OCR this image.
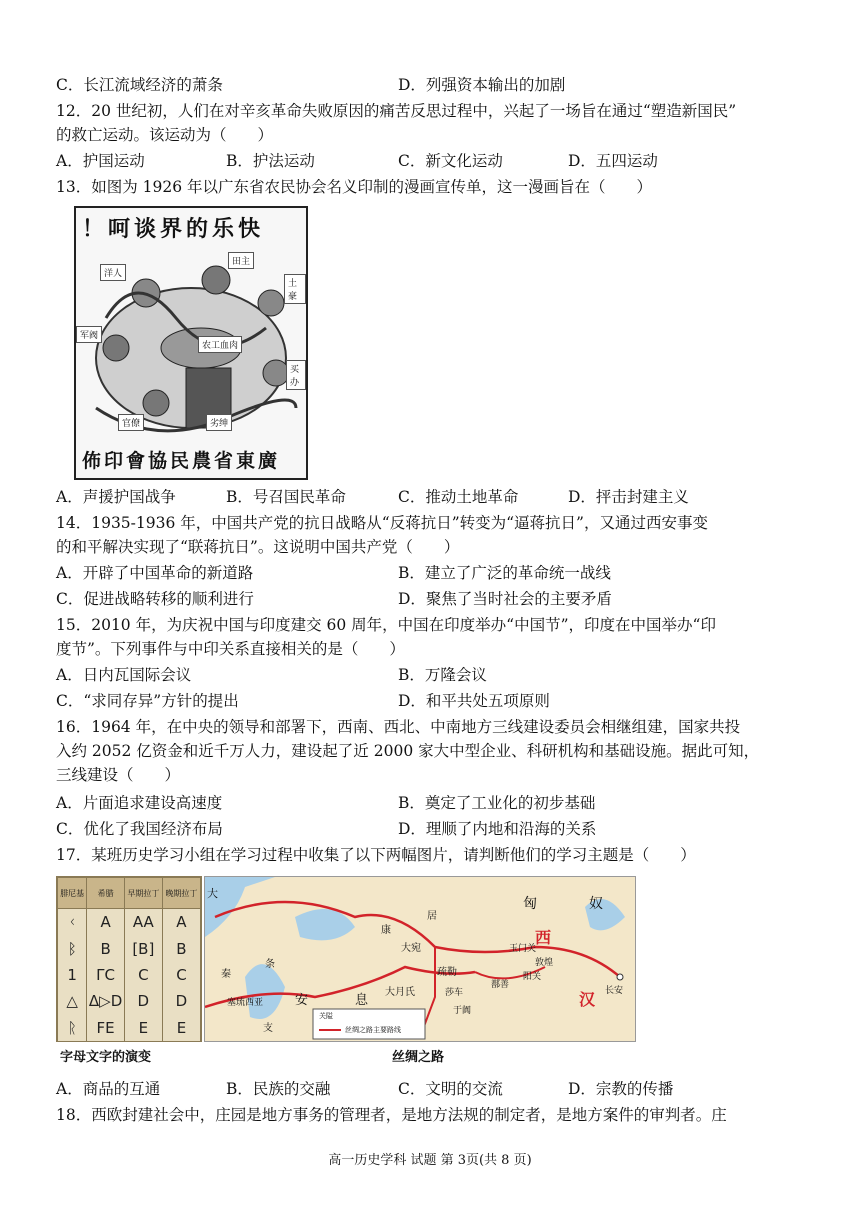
C．长江流域经济的萧条	D．列强资本输出的加剧
12．20 世纪初，人们在对辛亥革命失败原因的痛苦反思过程中，兴起了一场旨在通过“塑造新国民”
的救亡运动。该运动为（　　）
A．护国运动	B．护法运动	C．新文化运动	D．五四运动
13．如图为 1926 年以广东省农民协会名义印制的漫画宣传单，这一漫画旨在（　　）
！呵谈界的乐快
佈印會協民農省東廣
洋人
田主
土豪
军阀
农工血肉
买办
官僚	劣绅
A．声援护国战争	B．号召国民革命	C．推动土地革命	D．抨击封建主义
14．1935-1936 年，中国共产党的抗日战略从“反蒋抗日”转变为“逼蒋抗日”，又通过西安事变
的和平解决实现了“联蒋抗日”。这说明中国共产党（　　）
A．开辟了中国革命的新道路	B．建立了广泛的革命统一战线
C．促进战略转移的顺利进行	D．聚焦了当时社会的主要矛盾
15．2010 年，为庆祝中国与印度建交 60 周年，中国在印度举办“中国节”，印度在中国举办“印
度节”。下列事件与中印关系直接相关的是（　　）
A．日内瓦国际会议	B．万隆会议
C．“求同存异”方针的提出	D．和平共处五项原则
16．1964 年，在中央的领导和部署下，西南、西北、中南地方三线建设委员会相继组建，国家共投
入约 2052 亿资金和近千万人力，建设起了近 2000 家大中型企业、科研机构和基础设施。据此可知，
三线建设（　　）
A．片面追求建设高速度	B．奠定了工业化的初步基础
C．优化了我国经济布局	D．理顺了内地和沿海的关系
17．某班历史学习小组在学习过程中收集了以下两幅图片，请判断他们的学习主题是（　　）
腓尼基	希腊	早期拉丁	晚期拉丁
ᚲ	A	AA	A
ᛒ	B	[B]	B
1	ΓC	C	C
△	Δ▷D	D	D
ᚱ	FE	E	E
字母文字的演变
大
匈	奴
康
居
大宛	玉门关
西
敦煌
疏勒
莎车
鄯善
阳关
大月氏
于阗
汉 长安
秦
条
塞琉西亚 安	息
支
关隘
丝绸之路主要路线
丝绸之路
A．商品的互通	B．民族的交融	C．文明的交流	D．宗教的传播
18．西欧封建社会中，庄园是地方事务的管理者，是地方法规的制定者，是地方案件的审判者。庄
高一历史学科 试题 第 3页(共 8 页)
